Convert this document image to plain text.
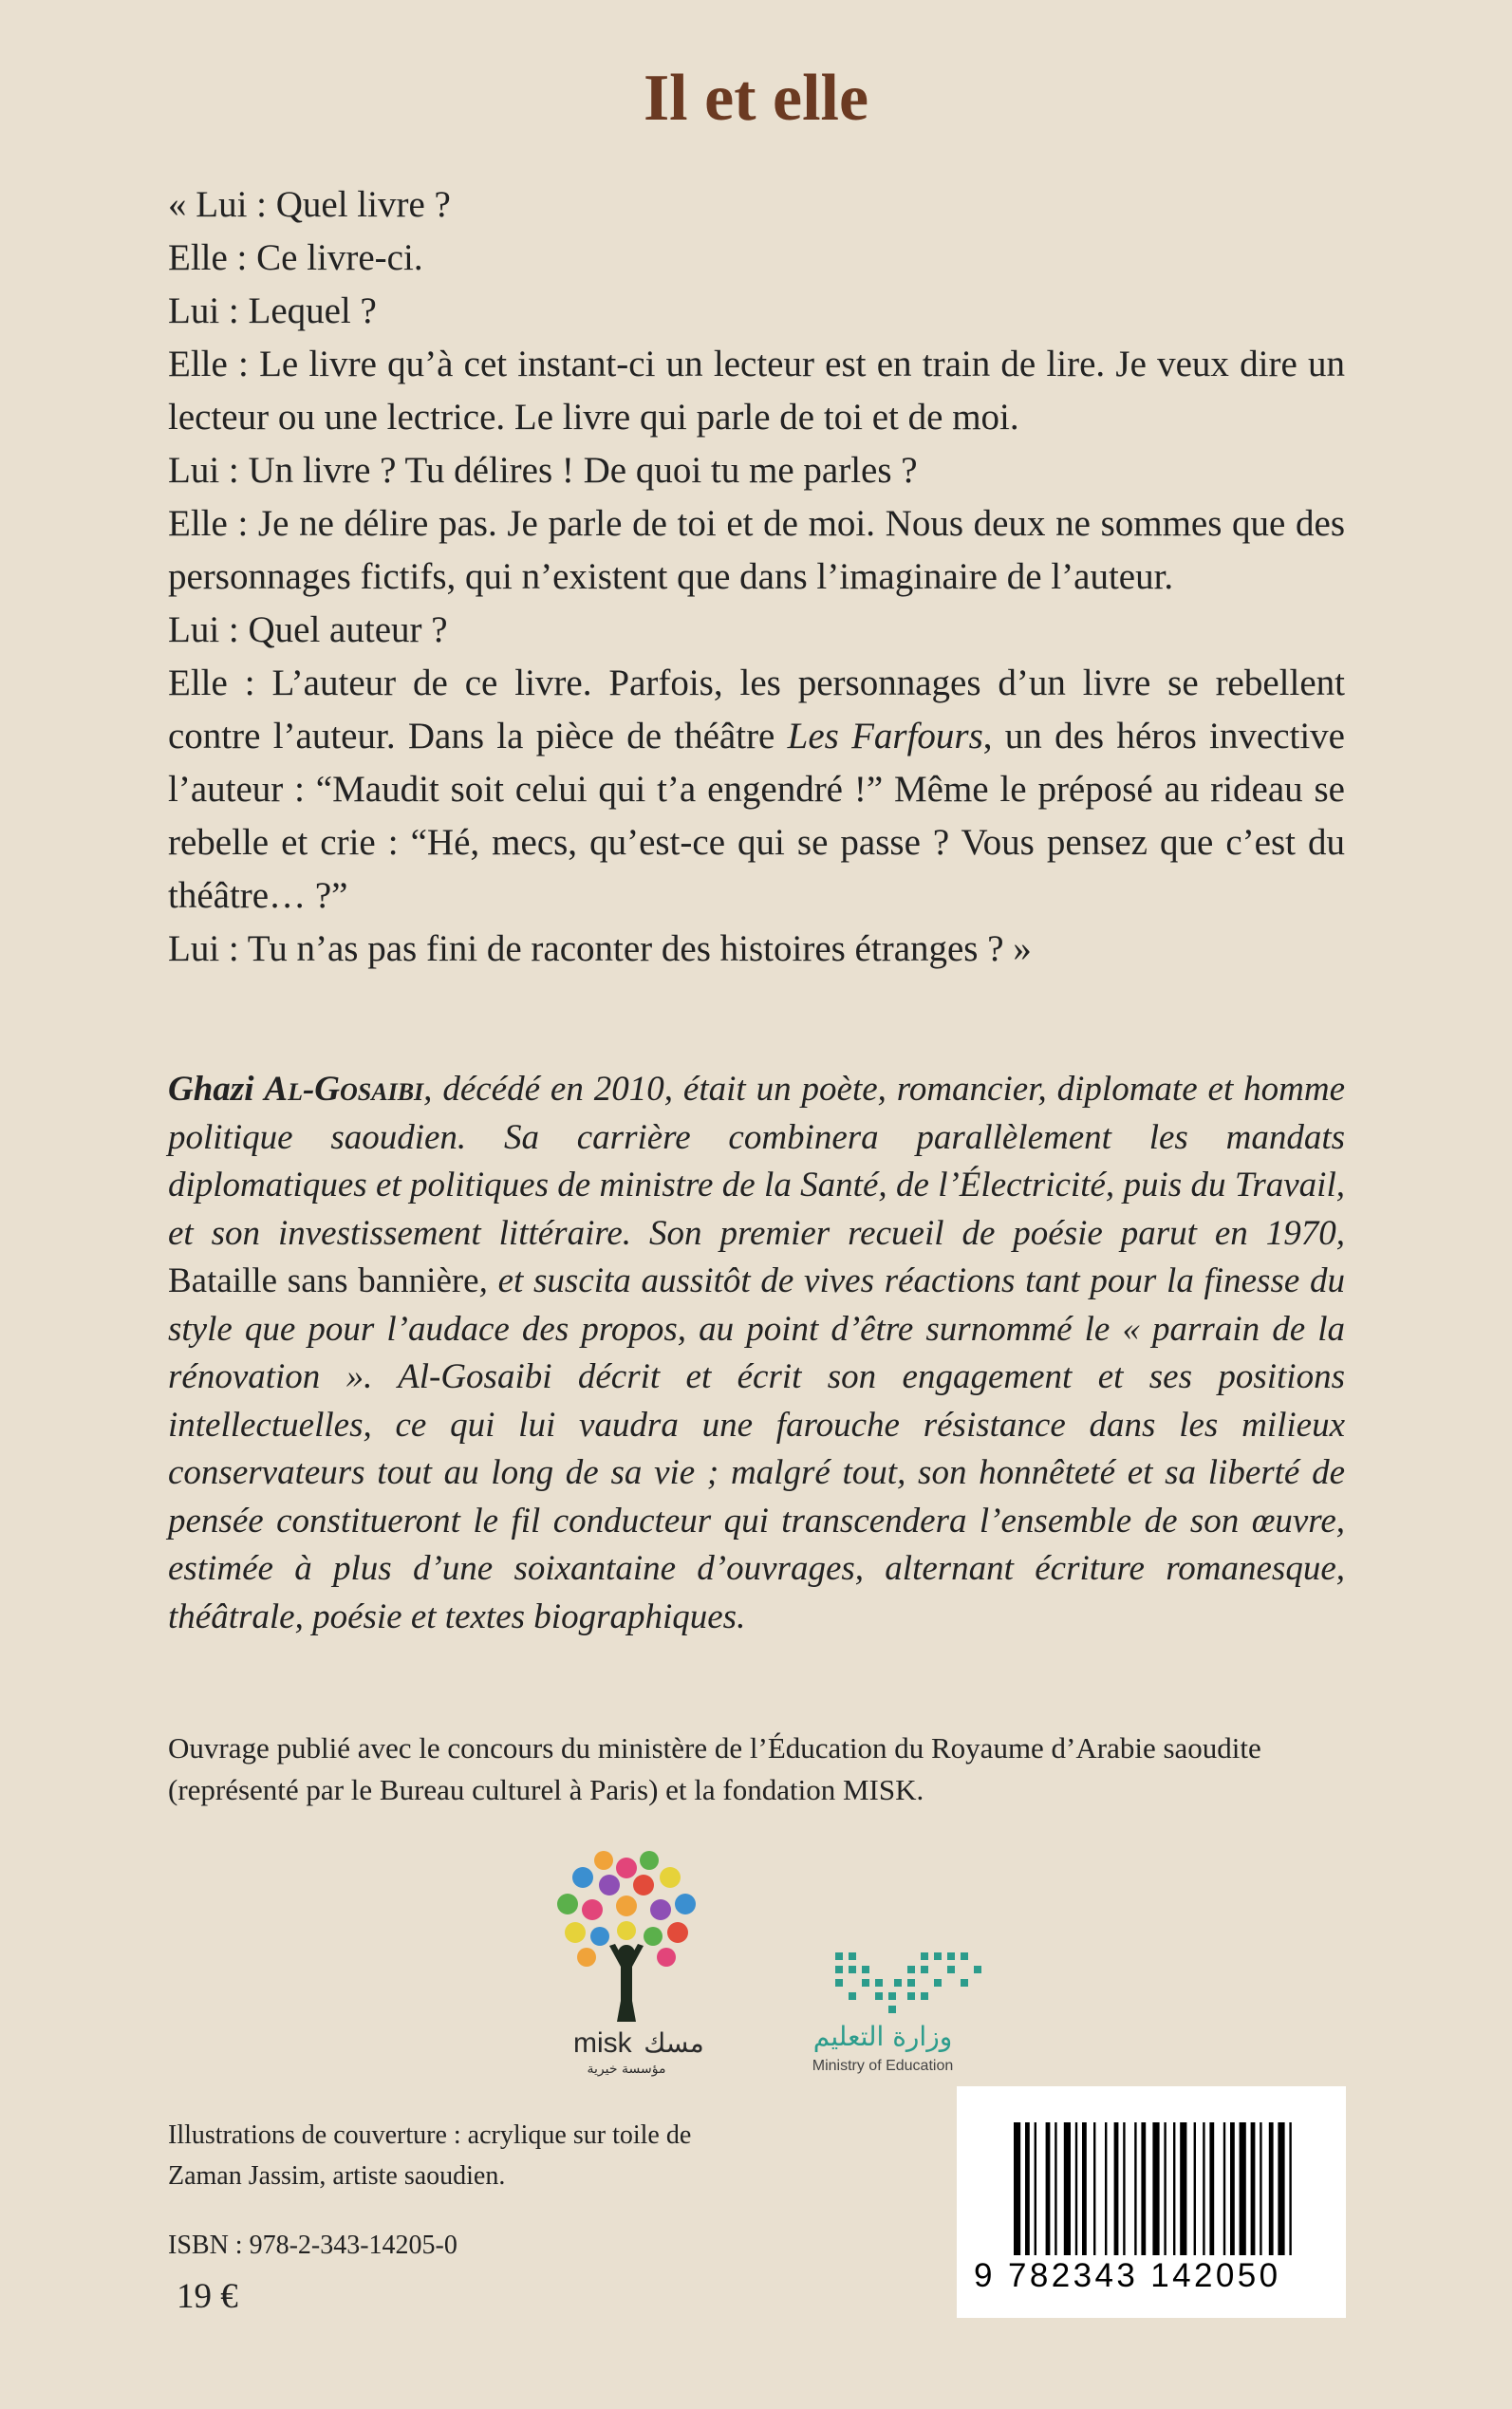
Il et elle

« Lui : Quel livre ?

Elle : Ce livre-ci.

Lui : Lequel ?

Elle : Le livre qu’à cet instant-ci un lecteur est en train de lire. Je veux dire un lecteur ou une lectrice. Le livre qui parle de toi et de moi.

Lui : Un livre ? Tu délires ! De quoi tu me parles ?

Elle : Je ne délire pas. Je parle de toi et de moi. Nous deux ne sommes que des personnages fictifs, qui n’existent que dans l’imaginaire de l’auteur.

Lui : Quel auteur ?

Elle : L’auteur de ce livre. Parfois, les personnages d’un livre se rebellent contre l’auteur. Dans la pièce de théâtre Les Farfours, un des héros invective l’auteur : “Maudit soit celui qui t’a engendré !” Même le préposé au rideau se rebelle et crie : “Hé, mecs, qu’est-ce qui se passe ? Vous pensez que c’est du théâtre… ?”

Lui : Tu n’as pas fini de raconter des histoires étranges ? »

Ghazi Al-Gosaibi, décédé en 2010, était un poète, romancier, diplomate et homme politique saoudien. Sa carrière combinera parallèlement les mandats diplomatiques et politiques de ministre de la Santé, de l’Électricité, puis du Travail, et son investissement littéraire. Son premier recueil de poésie parut en 1970, Bataille sans bannière, et suscita aussitôt de vives réactions tant pour la finesse du style que pour l’audace des propos, au point d’être surnommé le « parrain de la rénovation ». Al-Gosaibi décrit et écrit son engagement et ses positions intellectuelles, ce qui lui vaudra une farouche résistance dans les milieux conservateurs tout au long de sa vie ; malgré tout, son honnêteté et sa liberté de pensée constitueront le fil conducteur qui transcendera l’ensemble de son œuvre, estimée à plus d’une soixantaine d’ouvrages, alternant écriture romanesque, théâtrale, poésie et textes biographiques.
Ouvrage publié avec le concours du ministère de l’Éducation du Royaume d’Arabie saoudite (représenté par le Bureau culturel à Paris) et la fondation MISK.
misk مسك
مؤسسة خيرية
وزارة التعليم
Ministry of Education
Illustrations de couverture : acrylique sur toile de Zaman Jassim, artiste saoudien.
ISBN : 978-2-343-14205-0
19 €
9 782343 142050
